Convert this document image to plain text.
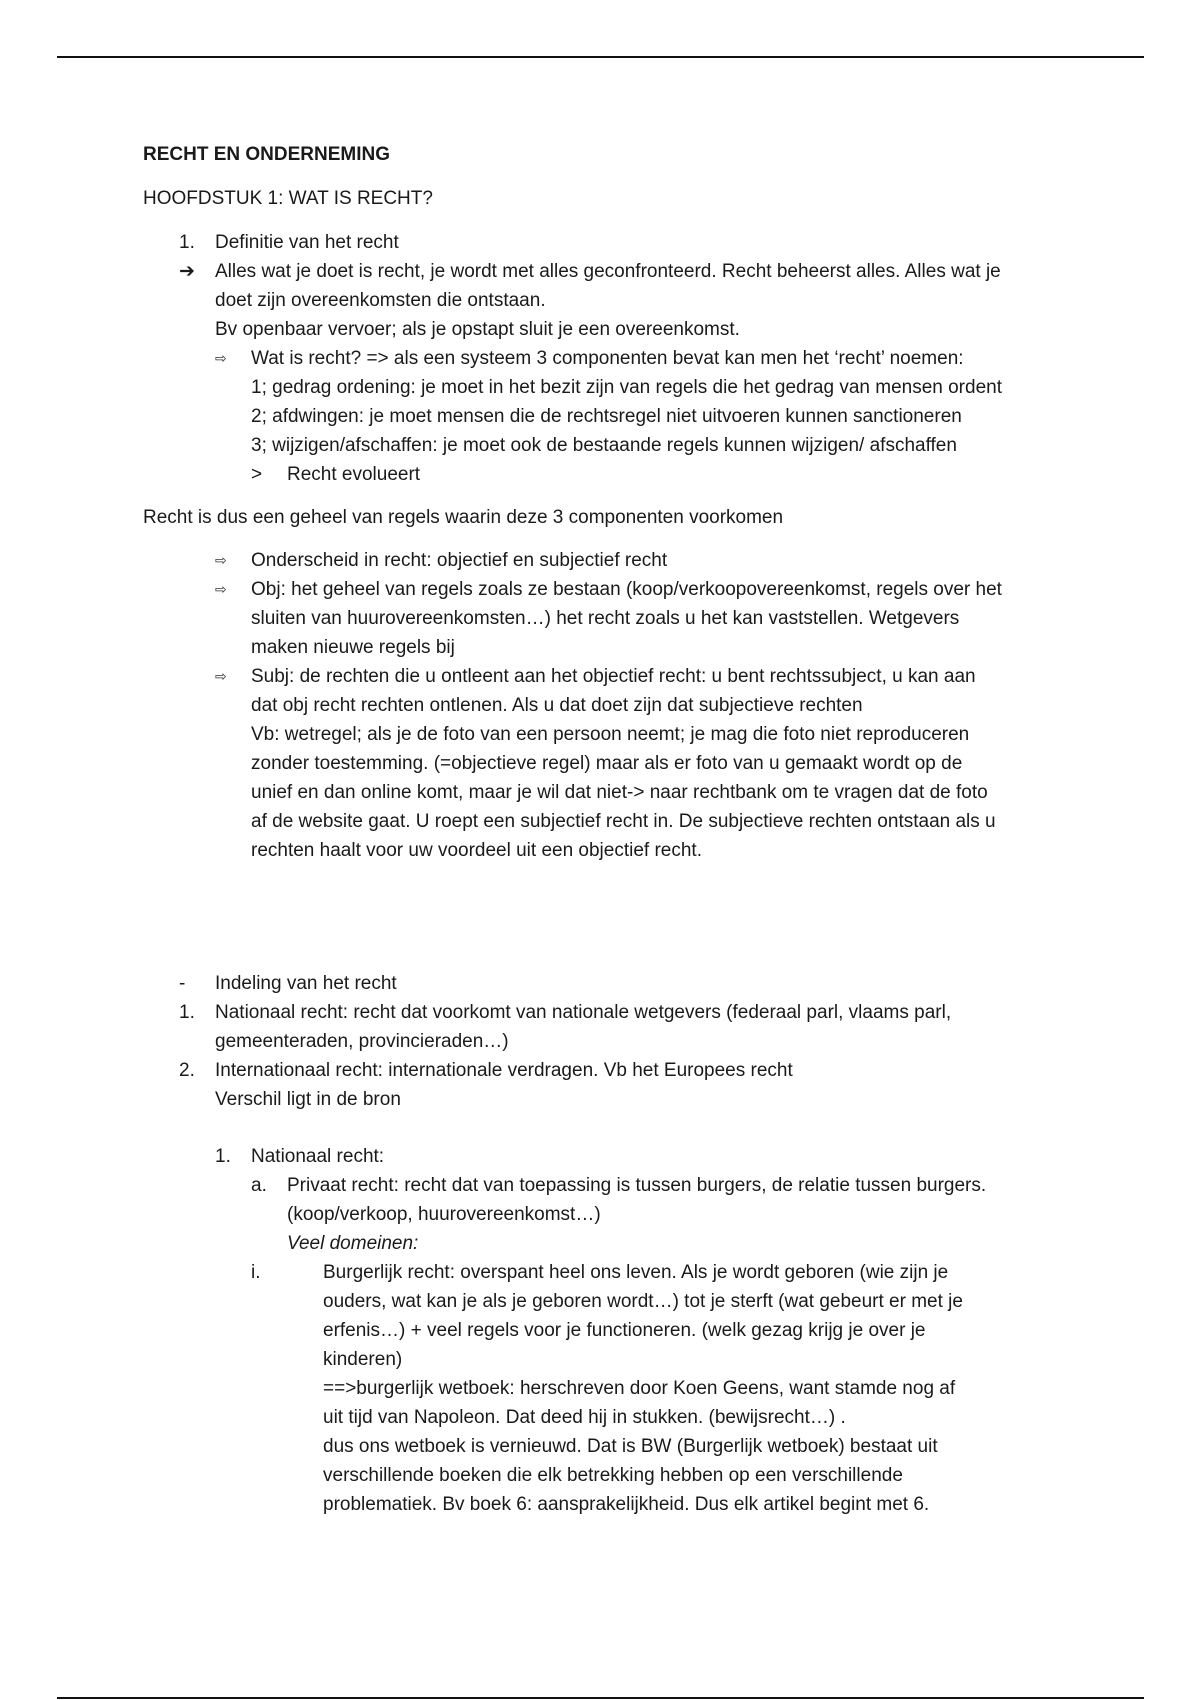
RECHT EN ONDERNEMING
HOOFDSTUK 1: WAT IS RECHT?
1.	Definitie van het recht
➔	Alles wat je doet is recht, je wordt met alles geconfronteerd. Recht beheerst alles. Alles wat je
doet zijn overeenkomsten die ontstaan.
Bv openbaar vervoer; als je opstapt sluit je een overeenkomst.
⇨	Wat is recht? => als een systeem 3 componenten bevat kan men het ‘recht’ noemen:
1; gedrag ordening: je moet in het bezit zijn van regels die het gedrag van mensen ordent
2; afdwingen: je moet mensen die de rechtsregel niet uitvoeren kunnen sanctioneren
3; wijzigen/afschaffen: je moet ook de bestaande regels kunnen wijzigen/ afschaffen
>	Recht evolueert
Recht is dus een geheel van regels waarin deze 3 componenten voorkomen
⇨	Onderscheid in recht: objectief en subjectief recht
⇨	Obj: het geheel van regels zoals ze bestaan (koop/verkoopovereenkomst, regels over het
sluiten van huurovereenkomsten…) het recht zoals u het kan vaststellen. Wetgevers
maken nieuwe regels bij
⇨	Subj: de rechten die u ontleent aan het objectief recht: u bent rechtssubject, u kan aan
dat obj recht rechten ontlenen. Als u dat doet zijn dat subjectieve rechten
Vb: wetregel; als je de foto van een persoon neemt; je mag die foto niet reproduceren
zonder toestemming. (=objectieve regel) maar als er foto van u gemaakt wordt op de
unief en dan online komt, maar je wil dat niet-> naar rechtbank om te vragen dat de foto
af de website gaat. U roept een subjectief recht in. De subjectieve rechten ontstaan als u
rechten haalt voor uw voordeel uit een objectief recht.
-	Indeling van het recht
1.	Nationaal recht: recht dat voorkomt van nationale wetgevers (federaal parl, vlaams parl,
gemeenteraden, provincieraden…)
2.	Internationaal recht: internationale verdragen. Vb het Europees recht
Verschil ligt in de bron
1.	Nationaal recht:
a.	Privaat recht: recht dat van toepassing is tussen burgers, de relatie tussen burgers.
(koop/verkoop, huurovereenkomst…)
Veel domeinen:
i.	Burgerlijk recht: overspant heel ons leven. Als je wordt geboren (wie zijn je
ouders, wat kan je als je geboren wordt…) tot je sterft (wat gebeurt er met je
erfenis…) + veel regels voor je functioneren. (welk gezag krijg je over je
kinderen)
==>burgerlijk wetboek: herschreven door Koen Geens, want stamde nog af
uit tijd van Napoleon. Dat deed hij in stukken. (bewijsrecht…) .
dus ons wetboek is vernieuwd. Dat is BW (Burgerlijk wetboek) bestaat uit
verschillende boeken die elk betrekking hebben op een verschillende
problematiek. Bv boek 6: aansprakelijkheid. Dus elk artikel begint met 6.
